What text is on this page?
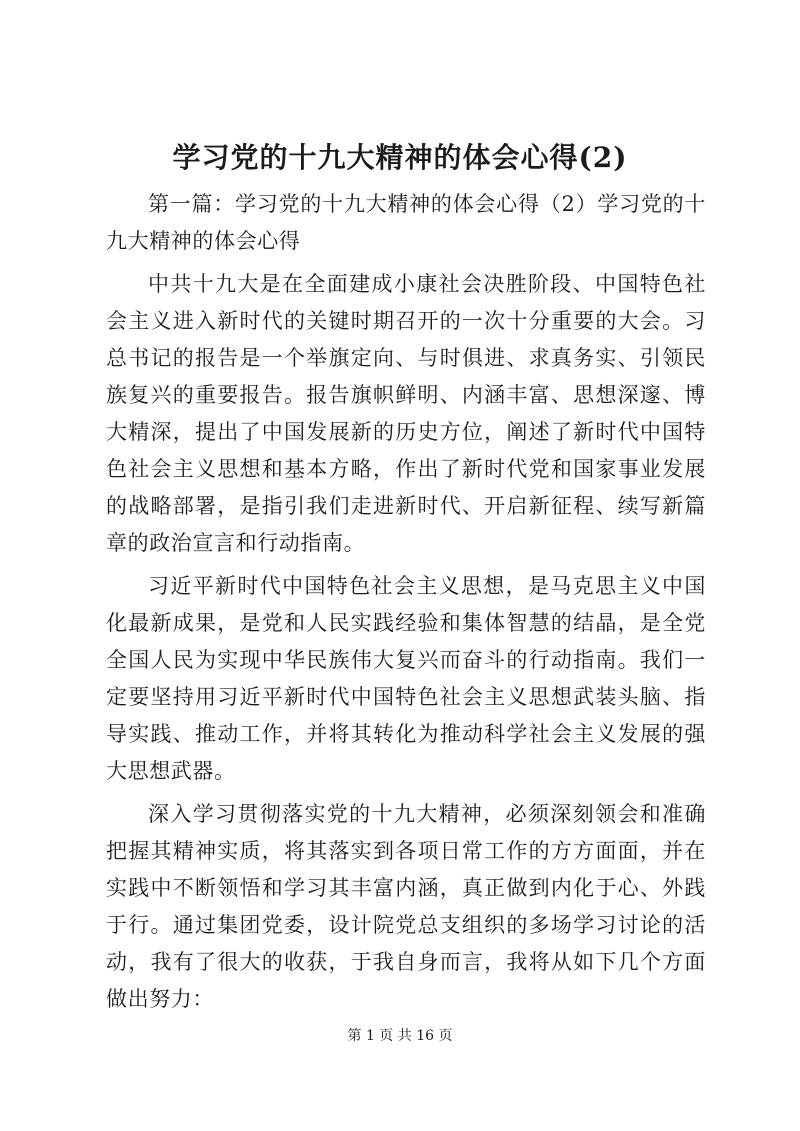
学习党的十九大精神的体会心得(2)

第一篇：学习党的十九大精神的体会心得（2）学习党的十九大精神的体会心得

中共十九大是在全面建成小康社会决胜阶段、中国特色社会主义进入新时代的关键时期召开的一次十分重要的大会。习总书记的报告是一个举旗定向、与时俱进、求真务实、引领民族复兴的重要报告。报告旗帜鲜明、内涵丰富、思想深邃、博大精深，提出了中国发展新的历史方位，阐述了新时代中国特色社会主义思想和基本方略，作出了新时代党和国家事业发展的战略部署，是指引我们走进新时代、开启新征程、续写新篇章的政治宣言和行动指南。

习近平新时代中国特色社会主义思想，是马克思主义中国化最新成果，是党和人民实践经验和集体智慧的结晶，是全党全国人民为实现中华民族伟大复兴而奋斗的行动指南。我们一定要坚持用习近平新时代中国特色社会主义思想武装头脑、指导实践、推动工作，并将其转化为推动科学社会主义发展的强大思想武器。

深入学习贯彻落实党的十九大精神，必须深刻领会和准确把握其精神实质，将其落实到各项日常工作的方方面面，并在实践中不断领悟和学习其丰富内涵，真正做到内化于心、外践于行。通过集团党委，设计院党总支组织的多场学习讨论的活动，我有了很大的收获，于我自身而言，我将从如下几个方面做出努力：

第 1 页 共 16 页
